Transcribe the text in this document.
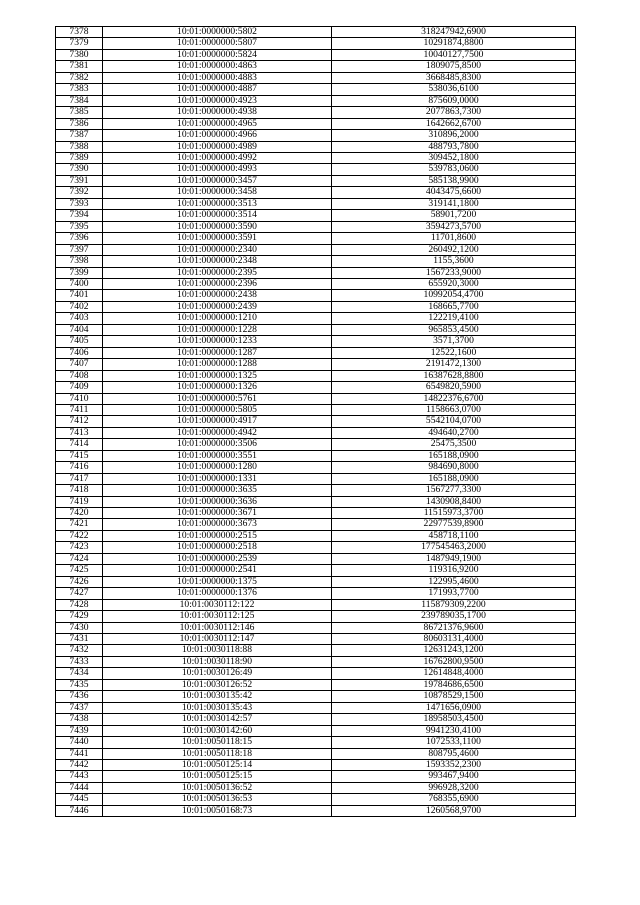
7378	10:01:0000000:5802	318247942,6900
7379	10:01:0000000:5807	10291874,8800
7380	10:01:0000000:5824	10040127,7500
7381	10:01:0000000:4863	1809075,8500
7382	10:01:0000000:4883	3668485,8300
7383	10:01:0000000:4887	538036,6100
7384	10:01:0000000:4923	875609,0000
7385	10:01:0000000:4938	2077863,7300
7386	10:01:0000000:4965	1642662,6700
7387	10:01:0000000:4966	310896,2000
7388	10:01:0000000:4989	488793,7800
7389	10:01:0000000:4992	309452,1800
7390	10:01:0000000:4993	539783,0600
7391	10:01:0000000:3457	585138,9900
7392	10:01:0000000:3458	4043475,6600
7393	10:01:0000000:3513	319141,1800
7394	10:01:0000000:3514	58901,7200
7395	10:01:0000000:3590	3594273,5700
7396	10:01:0000000:3591	11701,8600
7397	10:01:0000000:2340	260492,1200
7398	10:01:0000000:2348	1155,3600
7399	10:01:0000000:2395	1567233,9000
7400	10:01:0000000:2396	655920,3000
7401	10:01:0000000:2438	10992054,4700
7402	10:01:0000000:2439	168665,7700
7403	10:01:0000000:1210	122219,4100
7404	10:01:0000000:1228	965853,4500
7405	10:01:0000000:1233	3571,3700
7406	10:01:0000000:1287	12522,1600
7407	10:01:0000000:1288	2191472,1300
7408	10:01:0000000:1325	16387628,8800
7409	10:01:0000000:1326	6549820,5900
7410	10:01:0000000:5761	14822376,6700
7411	10:01:0000000:5805	1158663,0700
7412	10:01:0000000:4917	5542104,0700
7413	10:01:0000000:4942	494640,2700
7414	10:01:0000000:3506	25475,3500
7415	10:01:0000000:3551	165188,0900
7416	10:01:0000000:1280	984690,8000
7417	10:01:0000000:1331	165188,0900
7418	10:01:0000000:3635	1567277,3300
7419	10:01:0000000:3636	1430908,8400
7420	10:01:0000000:3671	11515973,3700
7421	10:01:0000000:3673	22977539,8900
7422	10:01:0000000:2515	458718,1100
7423	10:01:0000000:2518	177545463,2000
7424	10:01:0000000:2539	1487949,1900
7425	10:01:0000000:2541	119316,9200
7426	10:01:0000000:1375	122995,4600
7427	10:01:0000000:1376	171993,7700
7428	10:01:0030112:122	115879309,2200
7429	10:01:0030112:125	239789035,1700
7430	10:01:0030112:146	86721376,9600
7431	10:01:0030112:147	80603131,4000
7432	10:01:0030118:88	12631243,1200
7433	10:01:0030118:90	16762800,9500
7434	10:01:0030126:49	12614848,4000
7435	10:01:0030126:52	19784686,6500
7436	10:01:0030135:42	10878529,1500
7437	10:01:0030135:43	1471656,0900
7438	10:01:0030142:57	18958503,4500
7439	10:01:0030142:60	9941230,4100
7440	10:01:0050118:15	1072533,1100
7441	10:01:0050118:18	808795,4600
7442	10:01:0050125:14	1593352,2300
7443	10:01:0050125:15	993467,9400
7444	10:01:0050136:52	996928,3200
7445	10:01:0050136:53	768355,6900
7446	10:01:0050168:73	1260568,9700
